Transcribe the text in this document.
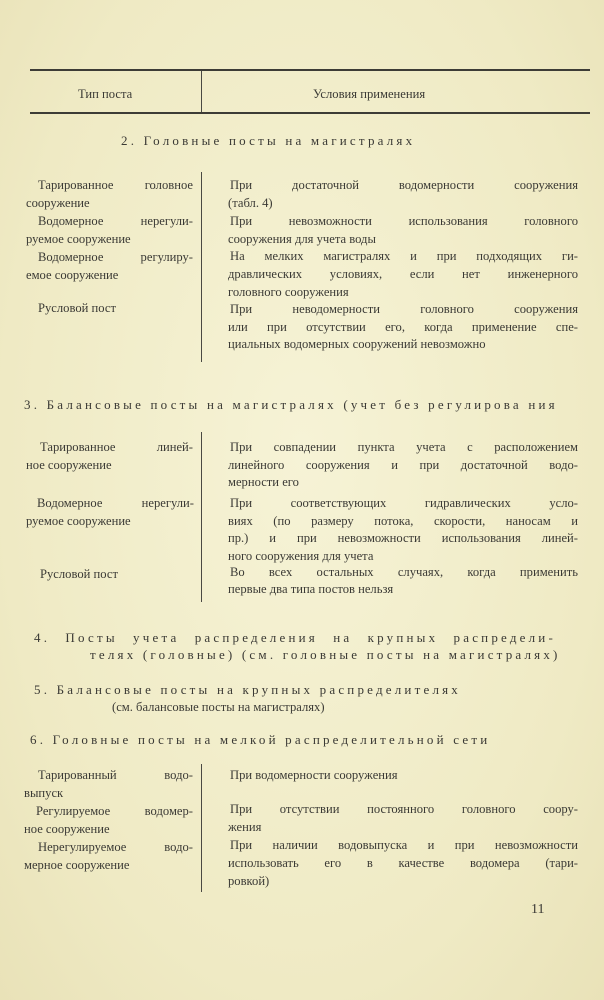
Тип поста	Условия применения
11
2. Головные посты на магистралях
Тарированное головное
сооружение
Водомерное нерегули-
руемое сооружение
Водомерное регулиру-
емое сооружение
Русловой пост
При достаточной водомерности сооружения
(табл. 4)
При невозможности использования головного
сооружения для учета воды
На мелких магистралях и при подходящих ги-
дравлических условиях, если нет инженерного
головного сооружения
При неводомерности головного сооружения
или при отсутствии его, когда применение спе-
циальных водомерных сооружений невозможно
3. Балансовые посты на магистралях (учет без регулирова ния
Тарированное линей-
ное сооружение
Водомерное нерегули-
руемое сооружение
Русловой пост
При совпадении пункта учета с расположением
линейного сооружения и при достаточной водо-
мерности его
При соответствующих гидравлических усло-
виях (по размеру потока, скорости, наносам и
пр.) и при невозможности использования линей-
ного сооружения для учета
Во всех остальных случаях, когда применить
первые два типа постов нельзя
4. Посты учета распределения на крупных распредели-
телях (головные) (см. головные посты на магистралях)
5. Балансовые посты на крупных распределителях
(см. балансовые посты на магистралях)
6. Головные посты на мелкой распределительной сети
Тарированный водо-
выпуск
Регулируемое водомер-
ное сооружение
Нерегулируемое водо-
мерное сооружение
При водомерности сооружения
При отсутствии постоянного головного соору-
жения
При наличии водовыпуска и при невозможности
использовать его в качестве водомера (тари-
ровкой)
